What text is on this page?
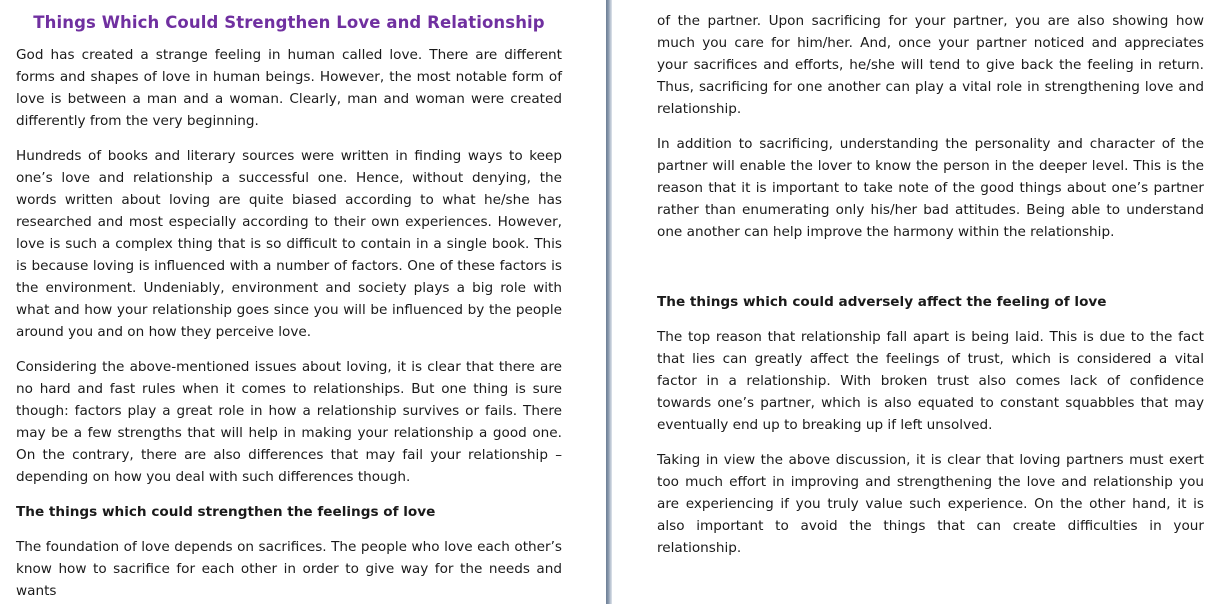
Things Which Could Strengthen Love and Relationship

God has created a strange feeling in human called love. There are different forms and shapes of love in human beings. However, the most notable form of love is between a man and a woman. Clearly, man and woman were created differently from the very beginning.

Hundreds of books and literary sources were written in finding ways to keep one’s love and relationship a successful one. Hence, without denying, the words written about loving are quite biased according to what he/she has researched and most especially according to their own experiences. However, love is such a complex thing that is so difficult to contain in a single book. This is because loving is influenced with a number of factors. One of these factors is the environment. Undeniably, environment and society plays a big role with what and how your relationship goes since you will be influenced by the people around you and on how they perceive love.

Considering the above-mentioned issues about loving, it is clear that there are no hard and fast rules when it comes to relationships. But one thing is sure though: factors play a great role in how a relationship survives or fails. There may be a few strengths that will help in making your relationship a good one. On the contrary, there are also differences that may fail your relationship – depending on how you deal with such differences though.

The things which could strengthen the feelings of love

The foundation of love depends on sacrifices. The people who love each other’s know how to sacrifice for each other in order to give way for the needs and wants

of the partner. Upon sacrificing for your partner, you are also showing how much you care for him/her. And, once your partner noticed and appreciates your sacrifices and efforts, he/she will tend to give back the feeling in return. Thus, sacrificing for one another can play a vital role in strengthening love and relationship.

In addition to sacrificing, understanding the personality and character of the partner will enable the lover to know the person in the deeper level. This is the reason that it is important to take note of the good things about one’s partner rather than enumerating only his/her bad attitudes. Being able to understand one another can help improve the harmony within the relationship.

The things which could adversely affect the feeling of love

The top reason that relationship fall apart is being laid. This is due to the fact that lies can greatly affect the feelings of trust, which is considered a vital factor in a relationship. With broken trust also comes lack of confidence towards one’s partner, which is also equated to constant squabbles that may eventually end up to breaking up if left unsolved.

Taking in view the above discussion, it is clear that loving partners must exert too much effort in improving and strengthening the love and relationship you are experiencing if you truly value such experience. On the other hand, it is also important to avoid the things that can create difficulties in your relationship.
